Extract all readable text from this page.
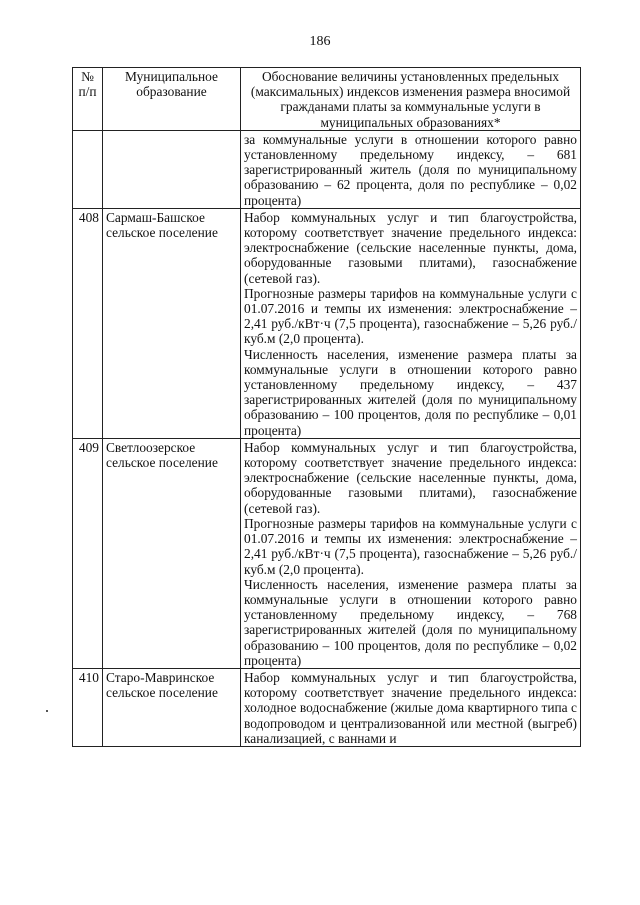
186
№ п/п	Муниципальное образование	Обоснование величины установленных предельных (максимальных) индексов изменения размера вносимой гражданами платы за коммунальные услуги в муниципальных образованиях*

		за коммунальные услуги в отношении которого равно установленному предельному индексу, – 681 зарегистрированный житель (доля по муниципальному образованию – 62 процента, доля по республике – 0,02 процента)

408	Сармаш-Башское сельское поселение	Набор коммунальных услуг и тип благоустройства, которому соответствует значение предельного индекса: электроснабжение (сельские населенные пункты, дома, оборудованные газовыми плитами), газоснабжение (сетевой газ).
Прогнозные размеры тарифов на коммунальные услуги с 01.07.2016 и темпы их изменения: электроснабжение – 2,41 руб./кВт·ч (7,5 процента), газоснабжение – 5,26 руб./куб.м (2,0 процента).
Численность населения, изменение размера платы за коммунальные услуги в отношении которого равно установленному предельному индексу, – 437 зарегистрированных жителей (доля по муниципальному образованию – 100 процентов, доля по республике – 0,01 процента)

409	Светлоозерское сельское поселение	Набор коммунальных услуг и тип благоустройства, которому соответствует значение предельного индекса: электроснабжение (сельские населенные пункты, дома, оборудованные газовыми плитами), газоснабжение (сетевой газ).
Прогнозные размеры тарифов на коммунальные услуги с 01.07.2016 и темпы их изменения: электроснабжение – 2,41 руб./кВт·ч (7,5 процента), газоснабжение – 5,26 руб./куб.м (2,0 процента).
Численность населения, изменение размера платы за коммунальные услуги в отношении которого равно установленному предельному индексу, – 768 зарегистрированных жителей (доля по муниципальному образованию – 100 процентов, доля по республике – 0,02 процента)

410	Старо-Мавринское сельское поселение	Набор коммунальных услуг и тип благоустройства, которому соответствует значение предельного индекса: холодное водоснабжение (жилые дома квартирного типа с водопроводом и централизованной или местной (выгреб) канализацией, с ваннами и
